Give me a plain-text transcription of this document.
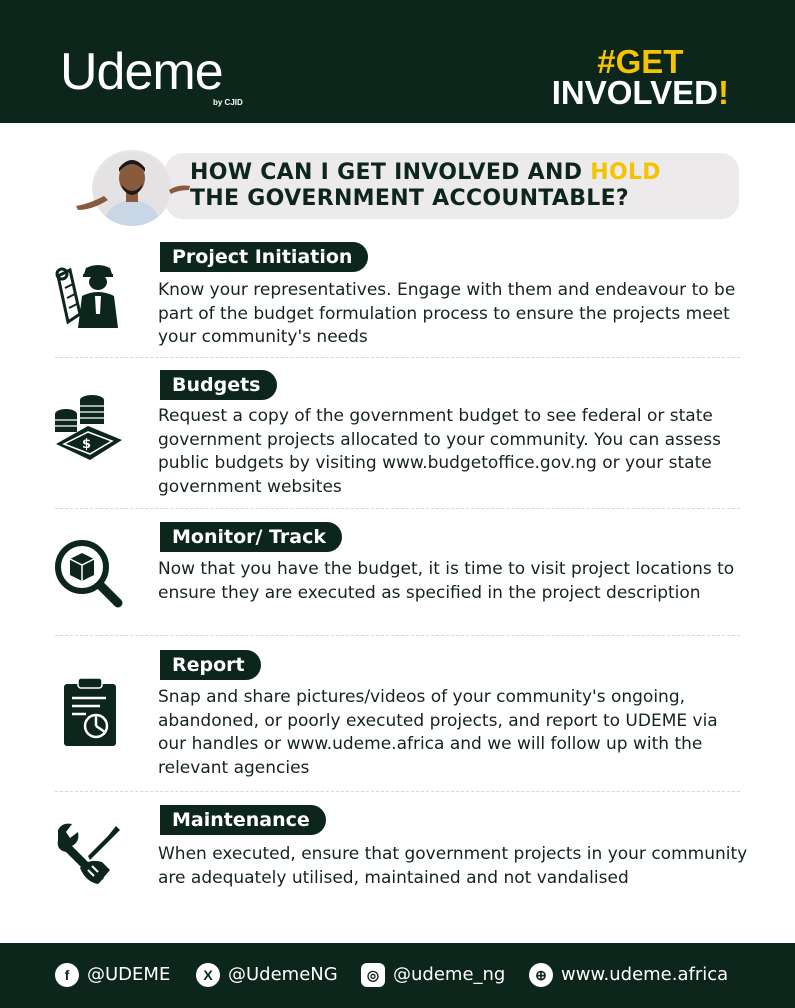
Udeme
by CJID
#GET
INVOLVED!
HOW CAN I GET INVOLVED AND HOLD
THE GOVERNMENT ACCOUNTABLE?
Project Initiation
Know your representatives. Engage with them and endeavour to be part of the budget formulation process to ensure the projects meet your community's needs
$
Budgets
Request a copy of the government budget to see federal or state government projects allocated to your community. You can assess public budgets by visiting www.budgetoffice.gov.ng or your state government websites
Monitor/ Track
Now that you have the budget, it is time to visit project locations to ensure they are executed as specified in the project description
Report
Snap and share pictures/videos of your community's ongoing, abandoned, or poorly executed projects, and report to UDEME via our handles or www.udeme.africa and we will follow up with the relevant agencies
Maintenance
When executed, ensure that government projects in your community are adequately utilised, maintained and not vandalised
f @UDEME	X @UdemeNG	◎ @udeme_ng	⊕ www.udeme.africa
